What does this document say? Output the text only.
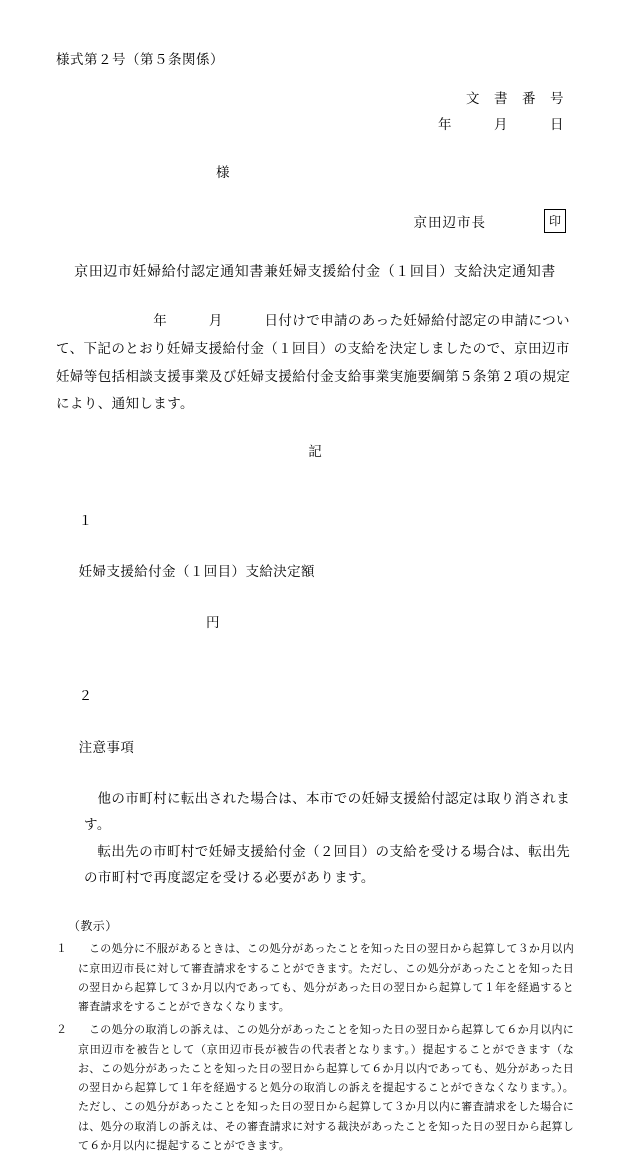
様式第２号（第５条関係）
文　書　番　号
年　　　月　　　日
様
京田辺市長	印
京田辺市妊婦給付認定通知書兼妊婦支援給付金（１回目）支給決定通知書
　　　　　　　年　　　月　　　日付けで申請のあった妊婦給付認定の申請について、下記のとおり妊婦支援給付金（１回目）の支給を決定しましたので、京田辺市妊婦等包括相談支援事業及び妊婦支援給付金支給事業実施要綱第５条第２項の規定により、通知します。
記

１

妊婦支援給付金（１回目）支給決定額

円

２

注意事項

他の市町村に転出された場合は、本市での妊婦支援給付認定は取り消されます。

転出先の市町村で妊婦支援給付金（２回目）の支給を受ける場合は、転出先の市町村で再度認定を受ける必要があります。

（教示）
１	この処分に不服があるときは、この処分があったことを知った日の翌日から起算して３か月以内に京田辺市長に対して審査請求をすることができます。ただし、この処分があったことを知った日の翌日から起算して３か月以内であっても、処分があった日の翌日から起算して１年を経過すると審査請求をすることができなくなります。
２	この処分の取消しの訴えは、この処分があったことを知った日の翌日から起算して６か月以内に京田辺市を被告として（京田辺市長が被告の代表者となります。）提起することができます（なお、この処分があったことを知った日の翌日から起算して６か月以内であっても、処分があった日の翌日から起算して１年を経過すると処分の取消しの訴えを提起することができなくなります。）。ただし、この処分があったことを知った日の翌日から起算して３か月以内に審査請求をした場合には、処分の取消しの訴えは、その審査請求に対する裁決があったことを知った日の翌日から起算して６か月以内に提起することができます。
